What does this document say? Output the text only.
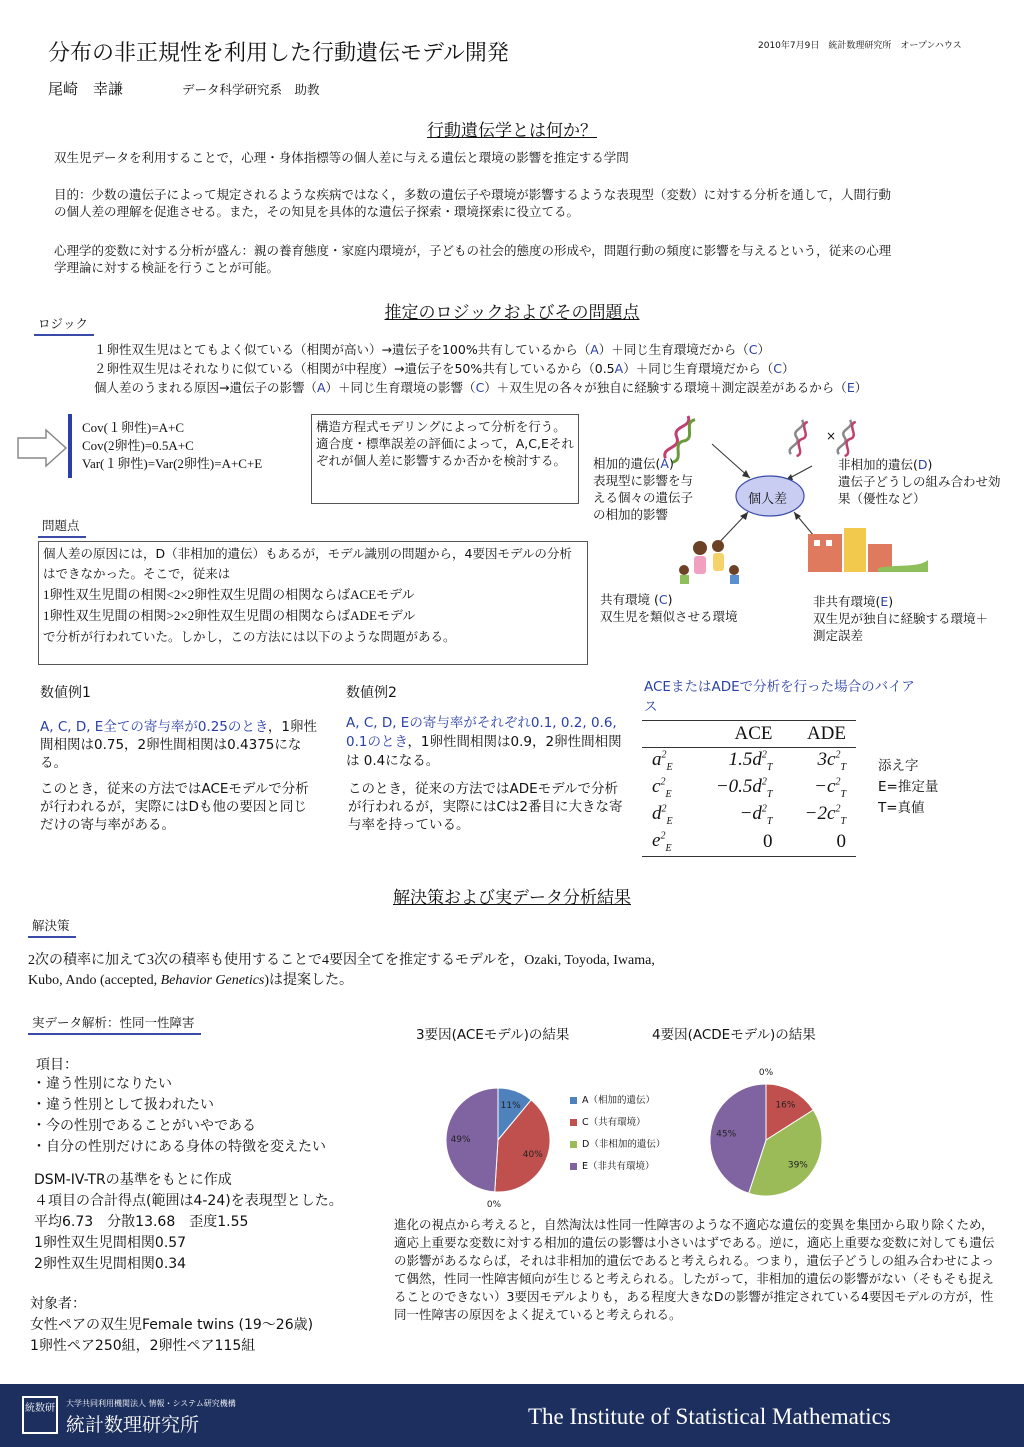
分布の非正規性を利用した行動遺伝モデル開発	2010年7月9日　統計数理研究所　オープンハウス
尾崎　幸謙	データ科学研究系　助教
行動遺伝学とは何か？
双生児データを利用することで，心理・身体指標等の個人差に与える遺伝と環境の影響を推定する学問
目的：少数の遺伝子によって規定されるような疾病ではなく，多数の遺伝子や環境が影響するような表現型（変数）に対する分析を通して，人間行動の個人差の理解を促進させる。また，その知見を具体的な遺伝子探索・環境探索に役立てる。
心理学的変数に対する分析が盛ん：親の養育態度・家庭内環境が，子どもの社会的態度の形成や，問題行動の頻度に影響を与えるという，従来の心理学理論に対する検証を行うことが可能。
推定のロジックおよびその問題点
ロジック
１卵性双生児はとてもよく似ている（相関が高い）→遺伝子を100%共有しているから（A）＋同じ生育環境だから（C）
２卵性双生児はそれなりに似ている（相関が中程度）→遺伝子を50%共有しているから（0.5A）＋同じ生育環境だから（C）
個人差のうまれる原因→遺伝子の影響（A）＋同じ生育環境の影響（C）＋双生児の各々が独自に経験する環境＋測定誤差があるから（E）
Cov(１卵性)=A+C
Cov(2卵性)=0.5A+C
Var(１卵性)=Var(2卵性)=A+C+E
構造方程式モデリングによって分析を行う。適合度・標準誤差の評価によって，A,C,Eそれぞれが個人差に影響するか否かを検討する。
問題点
個人差の原因には，D（非相加的遺伝）もあるが，モデル識別の問題から，4要因モデルの分析はできなかった。そこで，従来は
1卵性双生児間の相関<2×2卵性双生児間の相関ならばACEモデル
1卵性双生児間の相関>2×2卵性双生児間の相関ならばADEモデル
で分析が行われていた。しかし，この方法には以下のような問題がある。
×
個人差
相加的遺伝(A)
表現型に影響を与える個々の遺伝子の相加的影響
非相加的遺伝(D)
遺伝子どうしの組み合わせ効果（優性など）
共有環境 (C)
双生児を類似させる環境
非共有環境(E)
双生児が独自に経験する環境＋測定誤差
数値例1
A, C, D, E全ての寄与率が0.25のとき，1卵性間相関は0.75，2卵性間相関は0.4375になる。
このとき，従来の方法ではACEモデルで分析が行われるが，実際にはDも他の要因と同じだけの寄与率がある。
数値例2
A, C, D, Eの寄与率がそれぞれ0.1, 0.2, 0.6, 0.1のとき，1卵性間相関は0.9，2卵性間相関は 0.4になる。
このとき，従来の方法ではADEモデルで分析が行われるが，実際にはCは2番目に大きな寄与率を持っている。
ACEまたはADEで分析を行った場合のバイアス
	ACE	ADE
$a^2_E$	$1.5d^2_T$	$3c^2_T$
$c^2_E$	$-0.5d^2_T$	$-c^2_T$
$d^2_E$	$-d^2_T$	$-2c^2_T$
$e^2_E$	0	0
添え字
E=推定量
T=真値
解決策および実データ分析結果
解決策
2次の積率に加えて3次の積率も使用することで4要因全てを推定するモデルを，Ozaki, Toyoda, Iwama, Kubo, Ando (accepted, Behavior Genetics)は提案した。
実データ解析：性同一性障害
項目：
・違う性別になりたい
・違う性別として扱われたい
・今の性別であることがいやである
・自分の性別だけにある身体の特徴を変えたい
DSM-IV-TRの基準をもとに作成
４項目の合計得点(範囲は4-24)を表現型とした。
平均6.73　分散13.68　歪度1.55
1卵性双生児間相関0.57
2卵性双生児間相関0.34
対象者：
女性ペアの双生児Female twins (19〜26歳)
1卵性ペア250組，2卵性ペア115組
3要因(ACEモデル)の結果	4要因(ACDEモデル)の結果
11%
40%
0%
49%
A（相加的遺伝）
C（共有環境）
D（非相加的遺伝）
E（非共有環境）
0%
16%
39%
45%
進化の視点から考えると，自然淘汰は性同一性障害のような不適応な遺伝的変異を集団から取り除くため，適応上重要な変数に対する相加的遺伝の影響は小さいはずである。逆に，適応上重要な変数に対しても遺伝の影響があるならば，それは非相加的遺伝であると考えられる。つまり，遺伝子どうしの組み合わせによって偶然，性同一性障害傾向が生じると考えられる。したがって，非相加的遺伝の影響がない（そもそも捉えることのできない）3要因モデルよりも，ある程度大きなDの影響が推定されている4要因モデルの方が，性同一性障害の原因をよく捉えていると考えられる。
統数研	大学共同利用機関法人 情報・システム研究機構
統計数理研究所	The Institute of Statistical Mathematics
